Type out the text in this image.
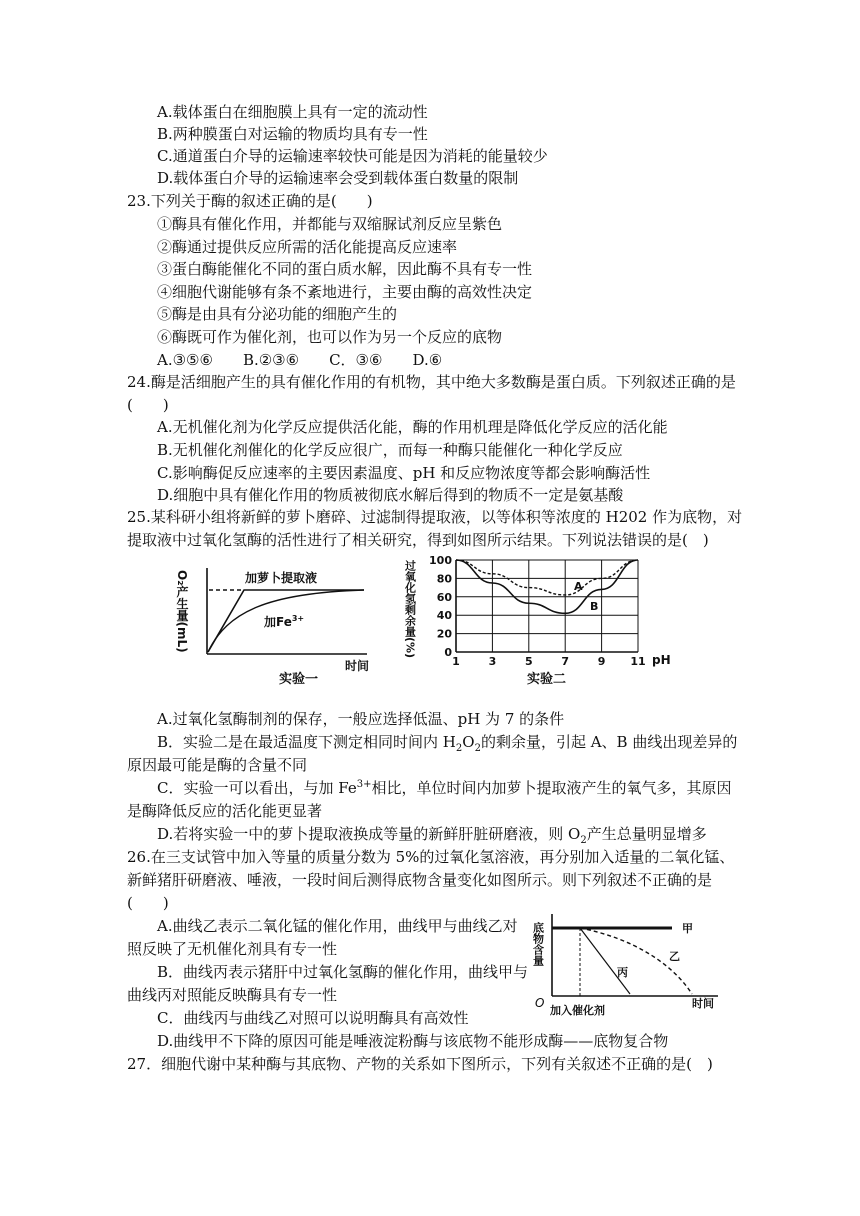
A.载体蛋白在细胞膜上具有一定的流动性
B.两种膜蛋白对运输的物质均具有专一性
C.通道蛋白介导的运输速率较快可能是因为消耗的能量较少
D.载体蛋白介导的运输速率会受到载体蛋白数量的限制
23.下列关于酶的叙述正确的是(　　)
①酶具有催化作用，并都能与双缩脲试剂反应呈紫色
②酶通过提供反应所需的活化能提高反应速率
③蛋白酶能催化不同的蛋白质水解，因此酶不具有专一性
④细胞代谢能够有条不紊地进行，主要由酶的高效性决定
⑤酶是由具有分泌功能的细胞产生的
⑥酶既可作为催化剂，也可以作为另一个反应的底物
A.③⑤⑥　　B.②③⑥　　C．③⑥　　D.⑥
24.酶是活细胞产生的具有催化作用的有机物，其中绝大多数酶是蛋白质。下列叙述正确的是
(　　)
A.无机催化剂为化学反应提供活化能，酶的作用机理是降低化学反应的活化能
B.无机催化剂催化的化学反应很广，而每一种酶只能催化一种化学反应
C.影响酶促反应速率的主要因素温度、pH 和反应物浓度等都会影响酶活性
D.细胞中具有催化作用的物质被彻底水解后得到的物质不一定是氨基酸
25.某科研小组将新鲜的萝卜磨碎、过滤制得提取液，以等体积等浓度的 H202 作为底物，对
提取液中过氧化氢酶的活性进行了相关研究，得到如图所示结果。下列说法错误的是(　)
O₂产生量(mL)	加萝卜提取液
加$Fe^{3+}$
时间
实验一
100
80
60
40
20
0
1	3	5	7	9 11
过氧化氢剩余量(%)	A
B
pH
实验二
A.过氧化氢酶制剂的保存，一般应选择低温、pH 为 7 的条件
B．实验二是在最适温度下测定相同时间内 $H_2O_2$的剩余量，引起 A、B 曲线出现差异的
原因最可能是酶的含量不同
C．实验一可以看出，与加 $Fe^{3+}$相比，单位时间内加萝卜提取液产生的氧气多，其原因
是酶降低反应的活化能更显著
D.若将实验一中的萝卜提取液换成等量的新鲜肝脏研磨液，则 $O_2$产生总量明显增多
26.在三支试管中加入等量的质量分数为 5%的过氧化氢溶液，再分别加入适量的二氧化锰、
新鲜猪肝研磨液、唾液，一段时间后测得底物含量变化如图所示。则下列叙述不正确的是
(　　)
A.曲线乙表示二氧化锰的催化作用，曲线甲与曲线乙对
照反映了无机催化剂具有专一性
B．曲线丙表示猪肝中过氧化氢酶的催化作用，曲线甲与
曲线丙对照能反映酶具有专一性
C．曲线丙与曲线乙对照可以说明酶具有高效性
D.曲线甲不下降的原因可能是唾液淀粉酶与该底物不能形成酶——底物复合物
底物含量
O
甲
乙
丙
加入催化剂
时间
27．细胞代谢中某种酶与其底物、产物的关系如下图所示，下列有关叙述不正确的是(　)
